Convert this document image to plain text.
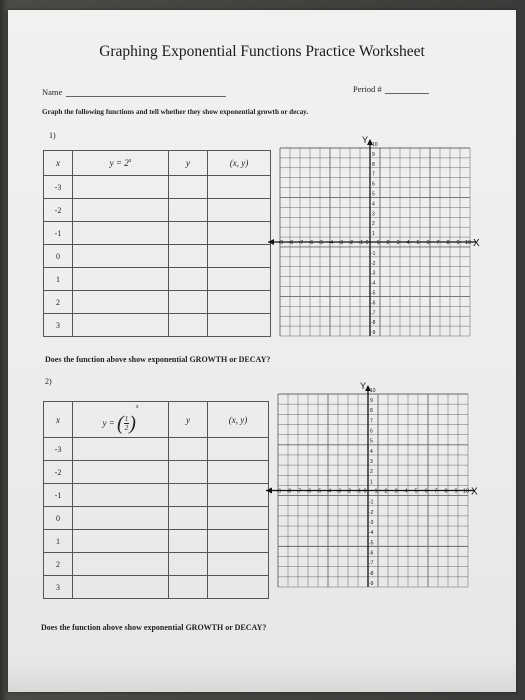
Graphing Exponential Functions Practice Worksheet
Name	Period #
Graph the following functions and tell whether they show exponential growth or decay.
1)
x	$y = 2^x$	y	(x, y)
-3			
-2			
-1			
0			
1			
2			
3			
Y
X
1 2 3 4 5 6 7 8 9 10
-1
-2
-3
-4
-5
-6
-7
-8
-9	0
1
2
3
4
5
6
7
8
9
10
-1
-2
-3
-4
-5
-6
-7
-8
-9
Does the function above show exponential GROWTH or DECAY?
2)
x	y = ( $\frac{1}{2} )^x$	y	(x, y)
-3			
-2			
-1			
0			
1			
2			
3			
Y
X
1 2 3 4 5 6 7 8 9 10
-1
-2
-3
-4
-5
-6
-7
-8
-9	0
1
2
3
4
5
6
7
8
9
10
-1
-2
-3
-4
-5
-6
-7
-8
-9
Does the function above show exponential GROWTH or DECAY?
